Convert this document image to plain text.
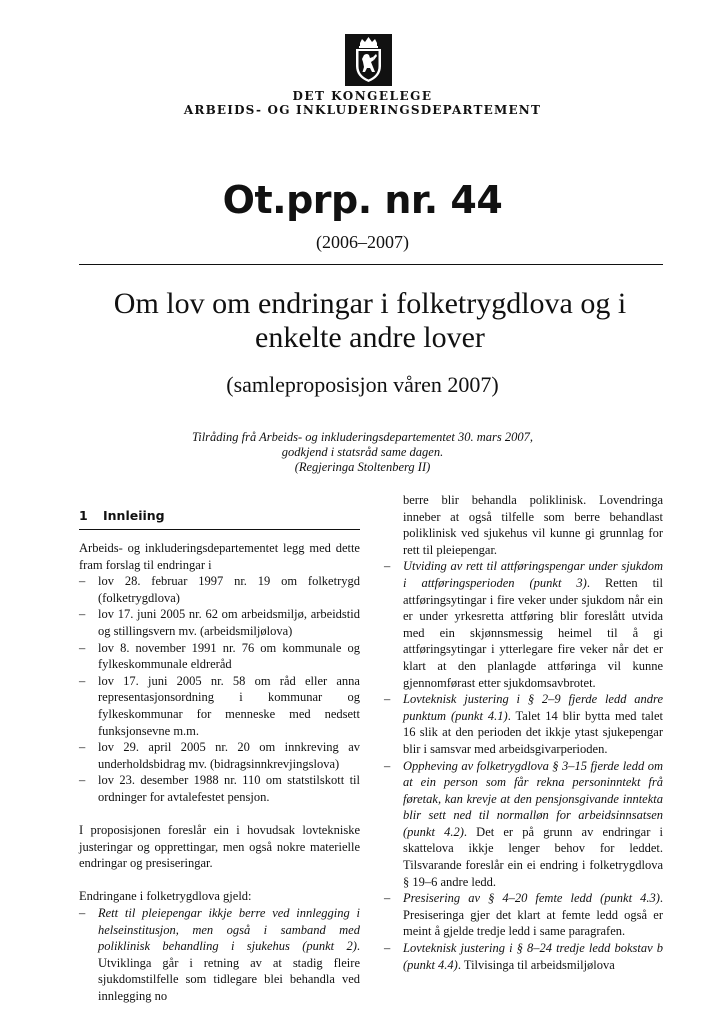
DET KONGELEGE
ARBEIDS- OG INKLUDERINGSDEPARTEMENT
Ot.prp. nr. 44
(2006–2007)
Om lov om endringar i folketrygdlova og i enkelte andre lover
(samleproposisjon våren 2007)
Tilråding frå Arbeids- og inkluderingsdepartementet 30. mars 2007,
godkjend i statsråd same dagen.
(Regjeringa Stoltenberg II)
1 Innleiing

Arbeids- og inkluderingsdepartementet legg med dette fram forslag til endringar i

– lov 28. februar 1997 nr. 19 om folketrygd (folketrygdlova)
– lov 17. juni 2005 nr. 62 om arbeidsmiljø, arbeidstid og stillingsvern mv. (arbeidsmiljølova)
– lov 8. november 1991 nr. 76 om kommunale og fylkeskommunale eldreråd
– lov 17. juni 2005 nr. 58 om råd eller anna representasjonsordning i kommunar og fylkeskommunar for menneske med nedsett funksjonsevne m.m.
– lov 29. april 2005 nr. 20 om innkreving av underholdsbidrag mv. (bidragsinnkrevjingslova)
– lov 23. desember 1988 nr. 110 om statstilskott til ordninger for avtalefestet pensjon.

I proposisjonen foreslår ein i hovudsak lovtekniske justeringar og opprettingar, men også nokre materielle endringar og presiseringar.

Endringane i folketrygdlova gjeld:

– Rett til pleiepengar ikkje berre ved innlegging i helseinstitusjon, men også i samband med poliklinisk behandling i sjukehus (punkt 2). Utviklinga går i retning av at stadig fleire sjukdomstilfelle som tidlegare blei behandla ved innlegging no

berre blir behandla poliklinisk. Lovendringa inneber at også tilfelle som berre behandlast poliklinisk ved sjukehus vil kunne gi grunnlag for rett til pleiepengar.

– Utviding av rett til attføringspengar under sjukdom i attføringsperioden (punkt 3). Retten til attføringsytingar i fire veker under sjukdom når ein er under yrkesretta attføring blir foreslått utvida med ein skjønnsmessig heimel til å gi attføringsytingar i ytterlegare fire veker når det er klart at den planlagde attføringa vil kunne gjennomførast etter sjukdomsavbrotet.
– Lovteknisk justering i § 2–9 fjerde ledd andre punktum (punkt 4.1). Talet 14 blir bytta med talet 16 slik at den perioden det ikkje ytast sjukepengar blir i samsvar med arbeidsgivarperioden.
– Oppheving av folketrygdlova § 3–15 fjerde ledd om at ein person som får rekna personinntekt frå føretak, kan krevje at den pensjonsgivande inntekta blir sett ned til normalløn for arbeidsinnsatsen (punkt 4.2). Det er på grunn av endringar i skattelova ikkje lenger behov for leddet. Tilsvarande foreslår ein ei endring i folketrygdlova § 19–6 andre ledd.
– Presisering av § 4–20 femte ledd (punkt 4.3). Presiseringa gjer det klart at femte ledd også er meint å gjelde tredje ledd i same paragrafen.
– Lovteknisk justering i § 8–24 tredje ledd bokstav b (punkt 4.4). Tilvisinga til arbeidsmiljølova
